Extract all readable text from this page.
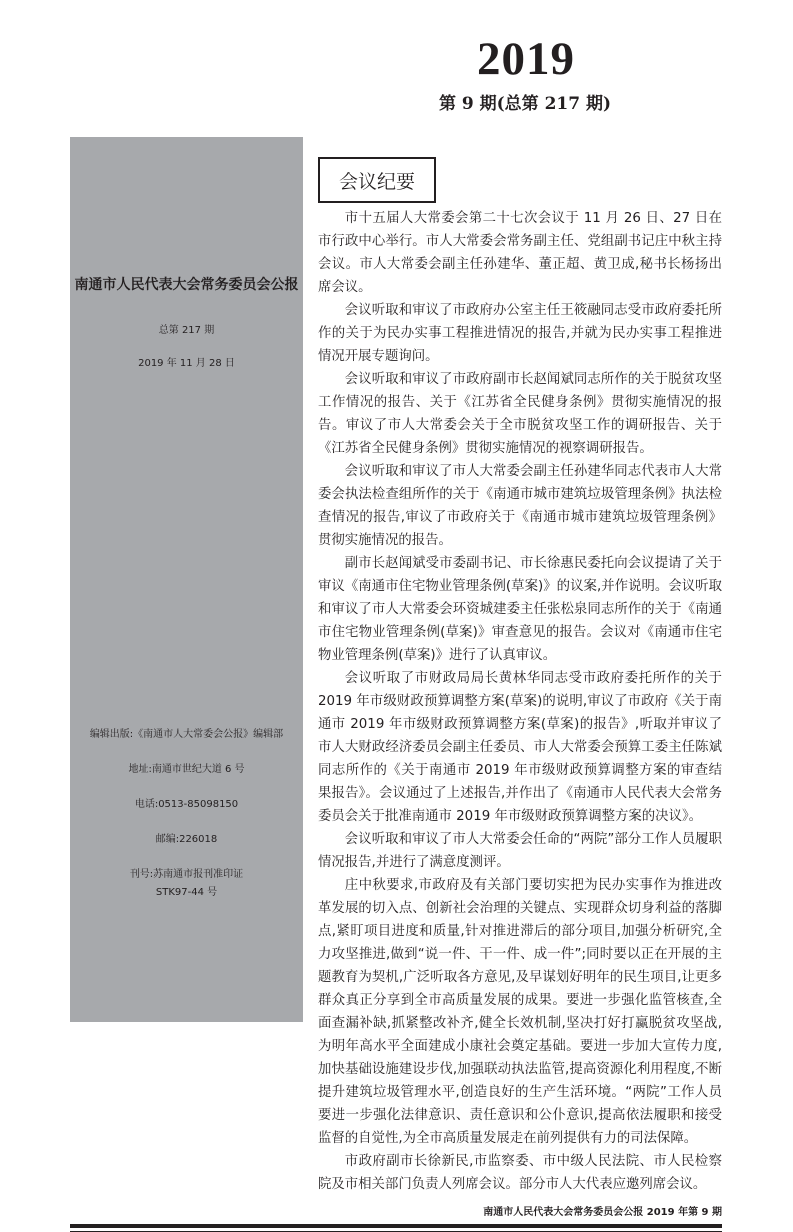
2019
第 9 期(总第 217 期)
南通市人民代表大会常务委员会公报
总第 217 期
2019 年 11 月 28 日
编辑出版:《南通市人大常委会公报》编辑部
地址:南通市世纪大道 6 号
电话:0513-85098150
邮编:226018
刊号:苏南通市报刊准印证
STK97-44 号
会议纪要

市十五届人大常委会第二十七次会议于 11 月 26 日、27 日在市行政中心举行。市人大常委会常务副主任、党组副书记庄中秋主持会议。市人大常委会副主任孙建华、董正超、黄卫成,秘书长杨扬出席会议。

会议听取和审议了市政府办公室主任王筱融同志受市政府委托所作的关于为民办实事工程推进情况的报告,并就为民办实事工程推进情况开展专题询问。

会议听取和审议了市政府副市长赵闻斌同志所作的关于脱贫攻坚工作情况的报告、关于《江苏省全民健身条例》贯彻实施情况的报告。审议了市人大常委会关于全市脱贫攻坚工作的调研报告、关于《江苏省全民健身条例》贯彻实施情况的视察调研报告。

会议听取和审议了市人大常委会副主任孙建华同志代表市人大常委会执法检查组所作的关于《南通市城市建筑垃圾管理条例》执法检查情况的报告,审议了市政府关于《南通市城市建筑垃圾管理条例》贯彻实施情况的报告。

副市长赵闻斌受市委副书记、市长徐惠民委托向会议提请了关于审议《南通市住宅物业管理条例(草案)》的议案,并作说明。会议听取和审议了市人大常委会环资城建委主任张松泉同志所作的关于《南通市住宅物业管理条例(草案)》审查意见的报告。会议对《南通市住宅物业管理条例(草案)》进行了认真审议。

会议听取了市财政局局长黄林华同志受市政府委托所作的关于 2019 年市级财政预算调整方案(草案)的说明,审议了市政府《关于南通市 2019 年市级财政预算调整方案(草案)的报告》,听取并审议了市人大财政经济委员会副主任委员、市人大常委会预算工委主任陈斌同志所作的《关于南通市 2019 年市级财政预算调整方案的审查结果报告》。会议通过了上述报告,并作出了《南通市人民代表大会常务委员会关于批准南通市 2019 年市级财政预算调整方案的决议》。

会议听取和审议了市人大常委会任命的“两院”部分工作人员履职情况报告,并进行了满意度测评。

庄中秋要求,市政府及有关部门要切实把为民办实事作为推进改革发展的切入点、创新社会治理的关键点、实现群众切身利益的落脚点,紧盯项目进度和质量,针对推进滞后的部分项目,加强分析研究,全力攻坚推进,做到“说一件、干一件、成一件”;同时要以正在开展的主题教育为契机,广泛听取各方意见,及早谋划好明年的民生项目,让更多群众真正分享到全市高质量发展的成果。要进一步强化监管核查,全面查漏补缺,抓紧整改补齐,健全长效机制,坚决打好打赢脱贫攻坚战,为明年高水平全面建成小康社会奠定基础。要进一步加大宣传力度,加快基础设施建设步伐,加强联动执法监管,提高资源化利用程度,不断提升建筑垃圾管理水平,创造良好的生产生活环境。“两院”工作人员要进一步强化法律意识、责任意识和公仆意识,提高依法履职和接受监督的自觉性,为全市高质量发展走在前列提供有力的司法保障。

市政府副市长徐新民,市监察委、市中级人民法院、市人民检察院及市相关部门负责人列席会议。部分市人大代表应邀列席会议。

南通市人民代表大会常务委员会公报 2019 年第 9 期
